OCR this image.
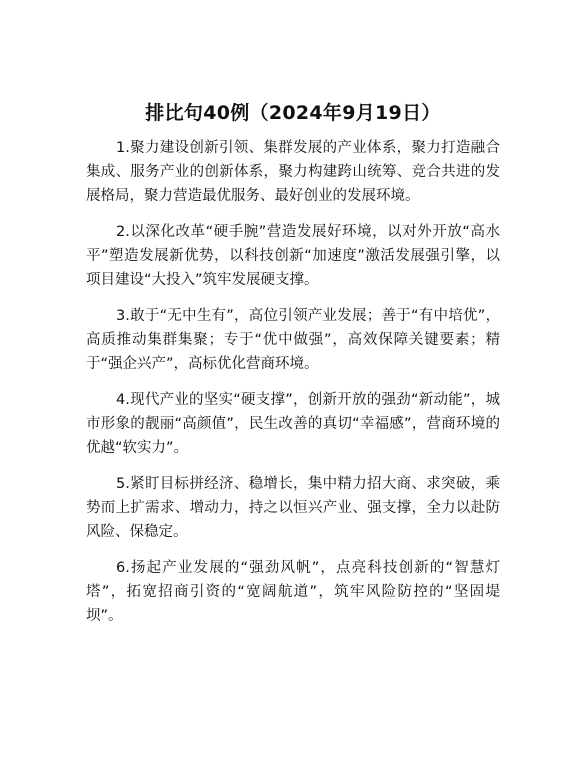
排比句40例（2024年9月19日）

1.聚力建设创新引领、集群发展的产业体系，聚力打造融合集成、服务产业的创新体系，聚力构建跨山统筹、竞合共进的发展格局，聚力营造最优服务、最好创业的发展环境。

2.以深化改革“硬手腕”营造发展好环境，以对外开放“高水平”塑造发展新优势，以科技创新“加速度”激活发展强引擎，以项目建设“大投入”筑牢发展硬支撑。

3.敢于“无中生有”，高位引领产业发展；善于“有中培优”，高质推动集群集聚；专于“优中做强”，高效保障关键要素；精于“强企兴产”，高标优化营商环境。

4.现代产业的坚实“硬支撑”，创新开放的强劲“新动能”，城市形象的靓丽“高颜值”，民生改善的真切“幸福感”，营商环境的优越“软实力”。

5.紧盯目标拼经济、稳增长，集中精力招大商、求突破，乘势而上扩需求、增动力，持之以恒兴产业、强支撑，全力以赴防风险、保稳定。

6.扬起产业发展的“强劲风帆”，点亮科技创新的“智慧灯塔”，拓宽招商引资的“宽阔航道”，筑牢风险防控的“坚固堤坝”。
